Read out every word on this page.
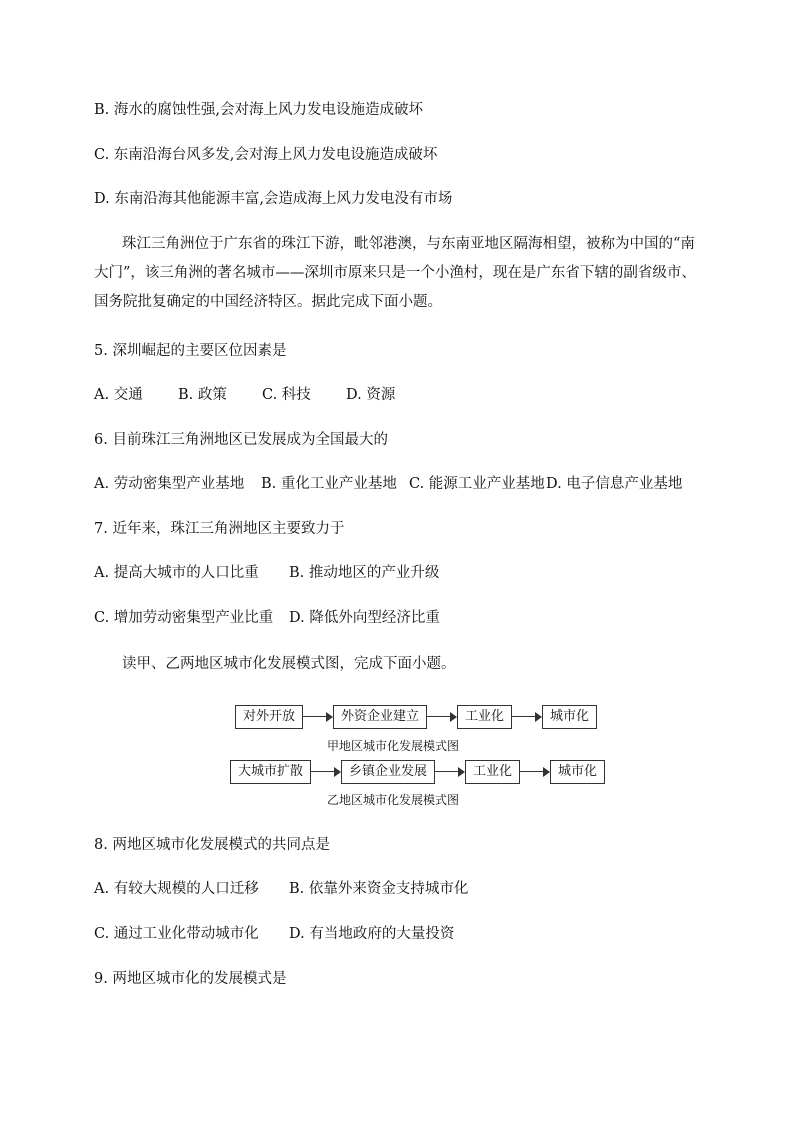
B. 海水的腐蚀性强,会对海上风力发电设施造成破坏
C. 东南沿海台风多发,会对海上风力发电设施造成破坏
D. 东南沿海其他能源丰富,会造成海上风力发电没有市场
珠江三角洲位于广东省的珠江下游，毗邻港澳，与东南亚地区隔海相望，被称为中国的“南大门”，该三角洲的著名城市——深圳市原来只是一个小渔村，现在是广东省下辖的副省级市、国务院批复确定的中国经济特区。据此完成下面小题。
5. 深圳崛起的主要区位因素是
A. 交通 B. 政策 C. 科技 D. 资源
6. 目前珠江三角洲地区已发展成为全国最大的
A. 劳动密集型产业基地 B. 重化工业产业基地 C. 能源工业产业基地D. 电子信息产业基地
7. 近年来，珠江三角洲地区主要致力于
A. 提高大城市的人口比重 B. 推动地区的产业升级
C. 增加劳动密集型产业比重 D. 降低外向型经济比重
读甲、乙两地区城市化发展模式图，完成下面小题。
对外开放	外资企业建立	工业化	城市化
甲地区城市化发展模式图
大城市扩散	乡镇企业发展	工业化	城市化
乙地区城市化发展模式图
8. 两地区城市化发展模式的共同点是
A. 有较大规模的人口迁移 B. 依靠外来资金支持城市化
C. 通过工业化带动城市化 D. 有当地政府的大量投资
9. 两地区城市化的发展模式是
